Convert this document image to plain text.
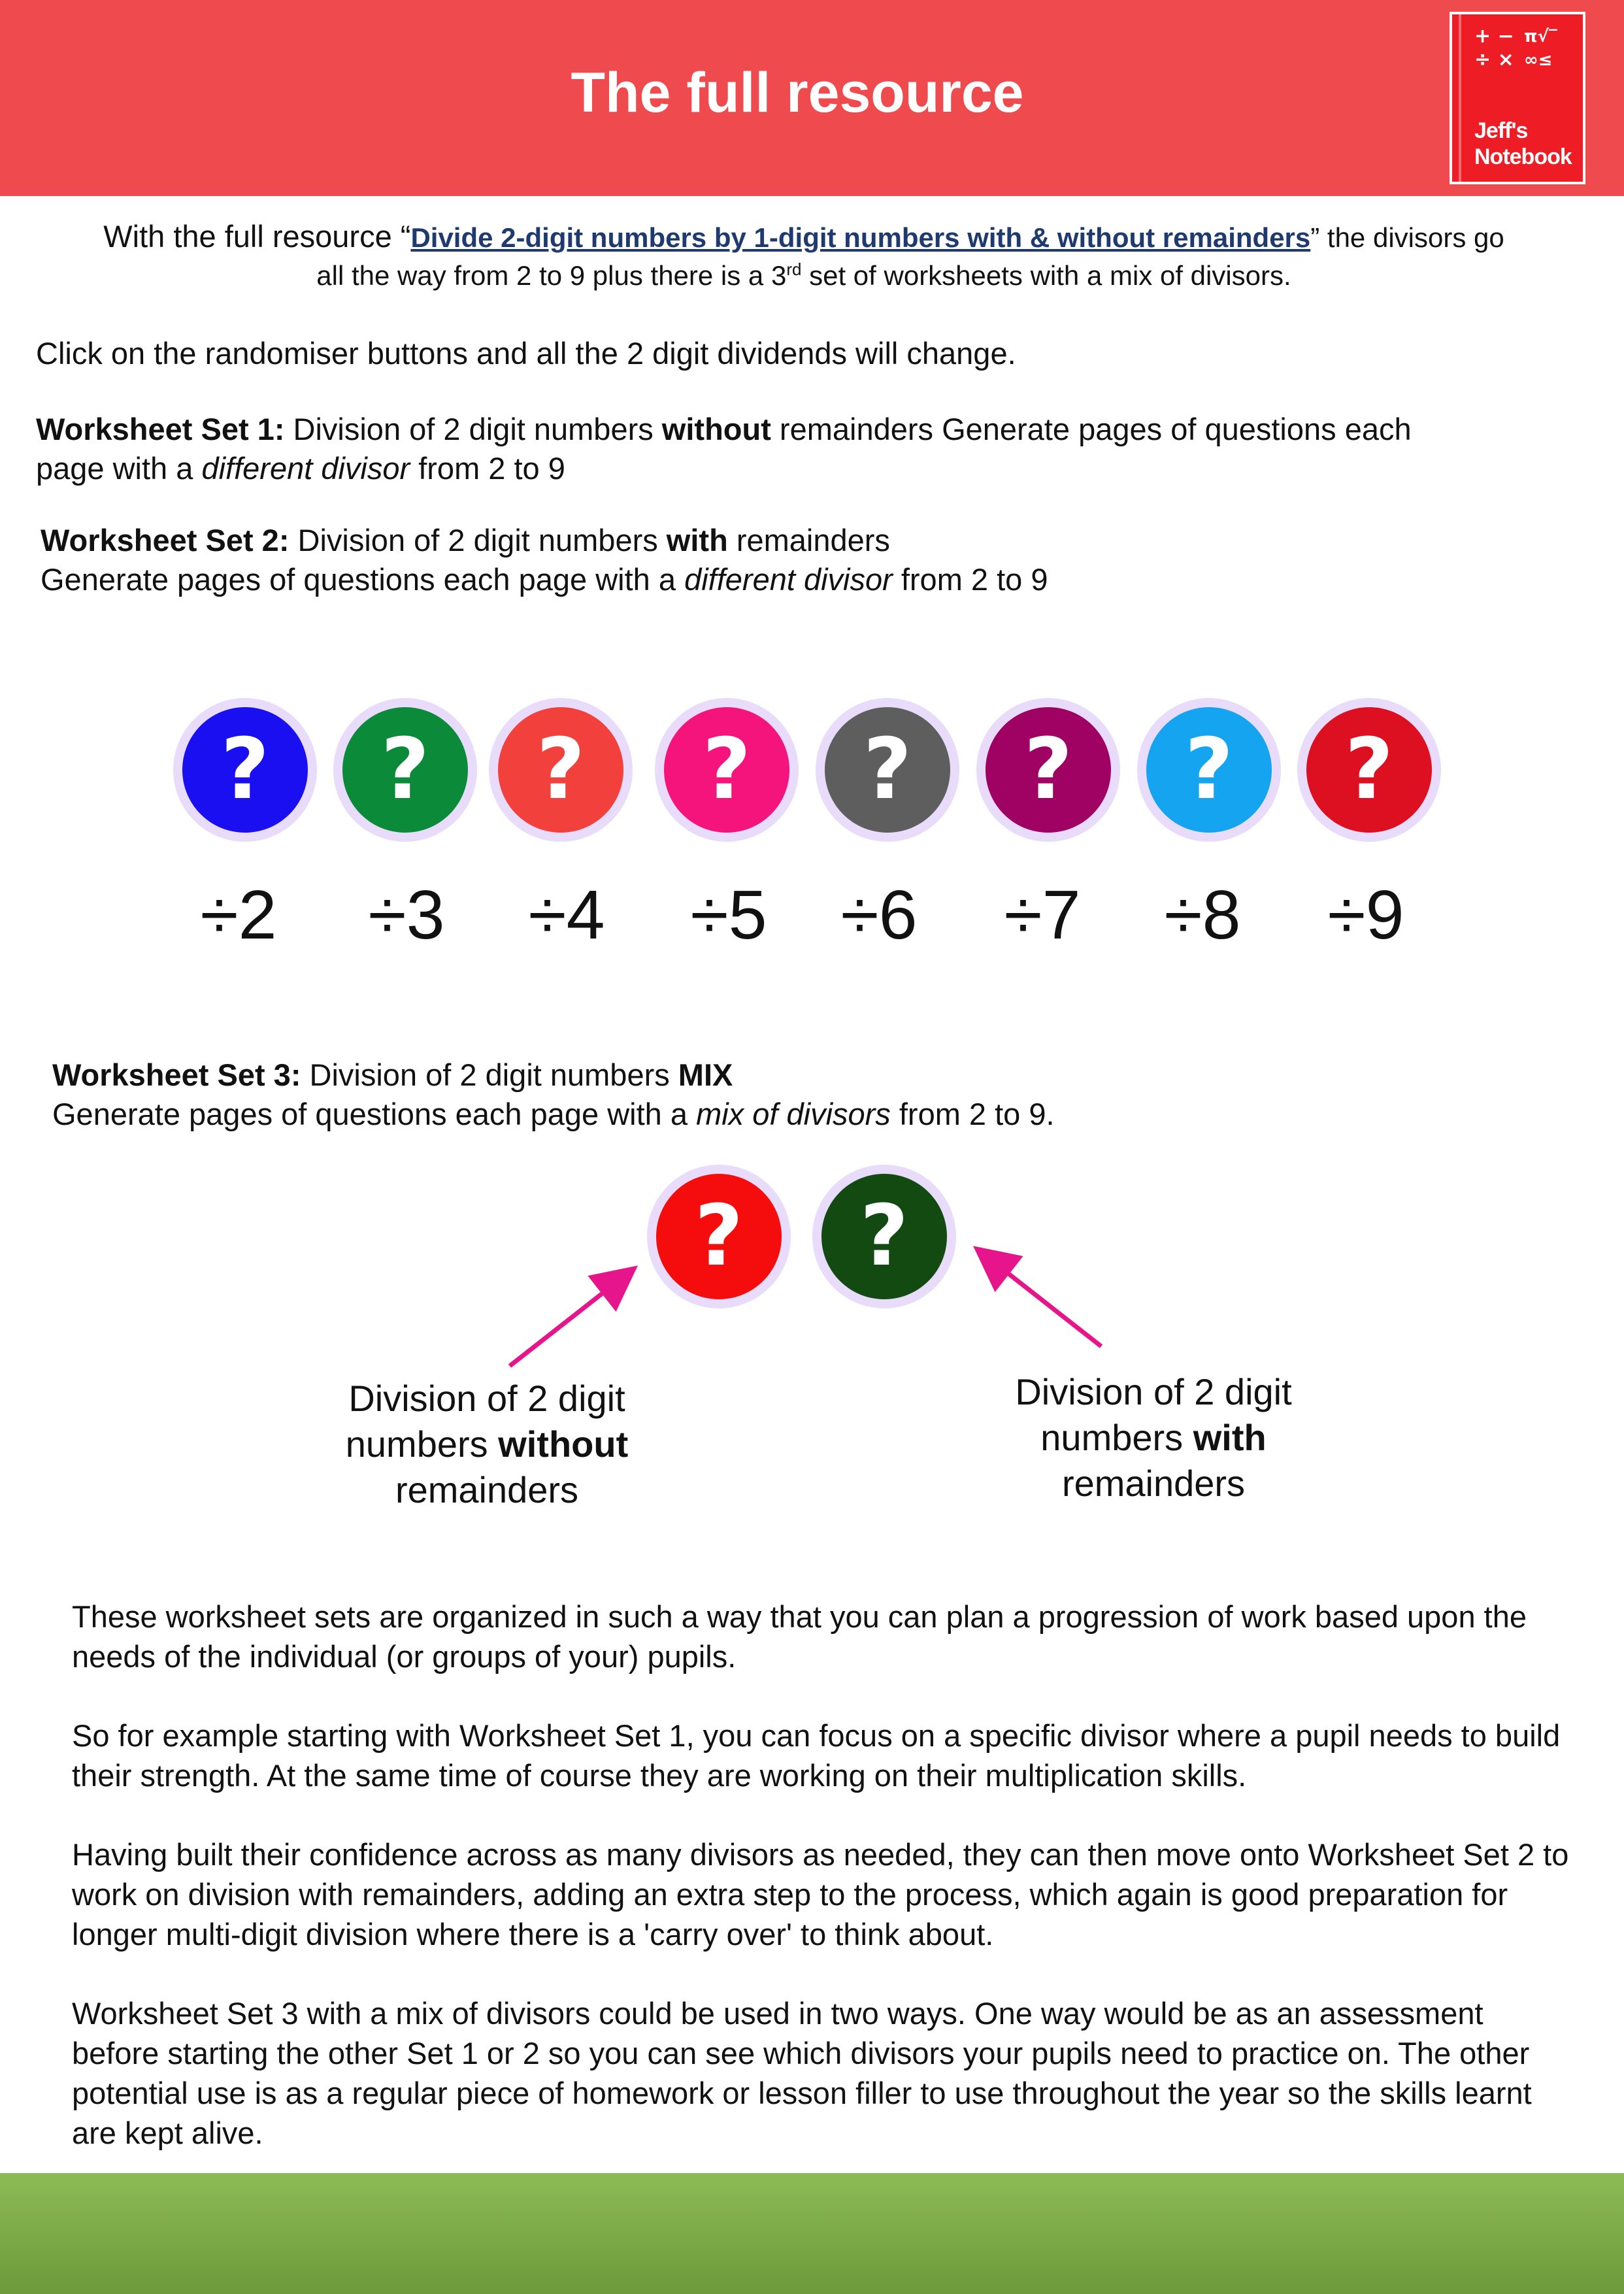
The full resource
+ −
÷ ×
π√‾
∞≤
Jeff's
Notebook
With the full resource “Divide 2-digit numbers by 1-digit numbers with & without remainders” the divisors go
all the way from 2 to 9 plus there is a 3rd set of worksheets with a mix of divisors.
Click on the randomiser buttons and all the 2 digit dividends will change.
Worksheet Set 1: Division of 2 digit numbers without remainders Generate pages of questions each
page with a different divisor from 2 to 9
Worksheet Set 2: Division of 2 digit numbers with remainders
Generate pages of questions each page with a different divisor from 2 to 9
?	?	?	?	?	?	?	?
÷2	÷3	÷4	÷5	÷6	÷7	÷8	÷9
Worksheet Set 3: Division of 2 digit numbers MIX
Generate pages of questions each page with a mix of divisors from 2 to 9.
?	?
Division of 2 digit
numbers without
remainders
Division of 2 digit
numbers with
remainders
These worksheet sets are organized in such a way that you can plan a progression of work based upon the needs of the individual (or groups of your) pupils.
So for example starting with Worksheet Set 1, you can focus on a specific divisor where a pupil needs to build their strength. At the same time of course they are working on their multiplication skills.
Having built their confidence across as many divisors as needed, they can then move onto Worksheet Set 2 to work on division with remainders, adding an extra step to the process, which again is good preparation for longer multi-digit division where there is a 'carry over' to think about.
Worksheet Set 3 with a mix of divisors could be used in two ways. One way would be as an assessment before starting the other Set 1 or 2 so you can see which divisors your pupils need to practice on. The other potential use is as a regular piece of homework or lesson filler to use throughout the year so the skills learnt are kept alive.
